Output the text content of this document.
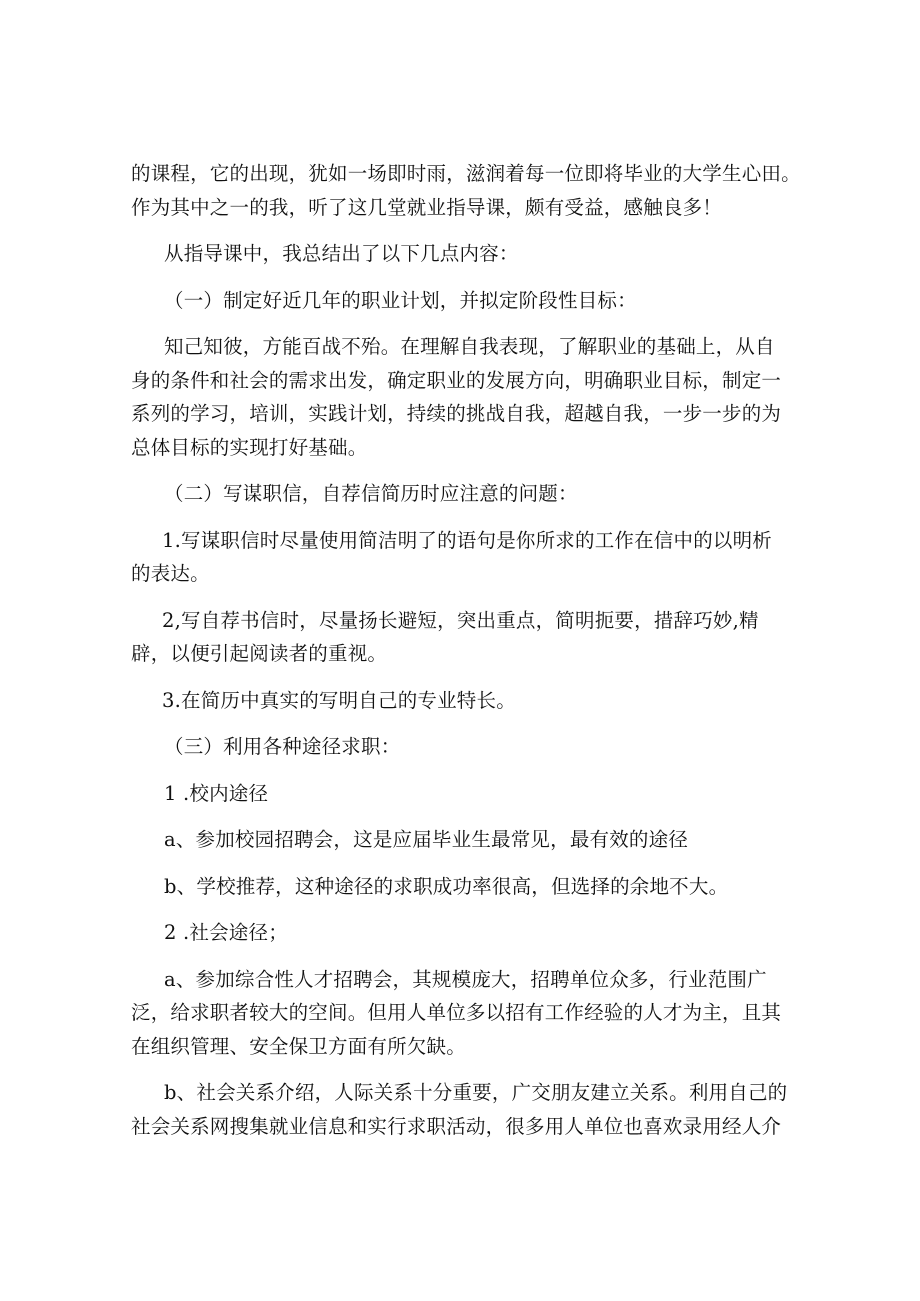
的课程，它的出现，犹如一场即时雨，滋润着每一位即将毕业的大学生心田。
作为其中之一的我，听了这几堂就业指导课，颇有受益，感触良多！

从指导课中，我总结出了以下几点内容：

（一）制定好近几年的职业计划，并拟定阶段性目标：

知己知彼，方能百战不殆。在理解自我表现，了解职业的基础上，从自
身的条件和社会的需求出发，确定职业的发展方向，明确职业目标，制定一
系列的学习，培训，实践计划，持续的挑战自我，超越自我，一步一步的为
总体目标的实现打好基础。

（二）写谋职信，自荐信简历时应注意的问题：

1.写谋职信时尽量使用简洁明了的语句是你所求的工作在信中的以明析
的表达。

2,写自荐书信时，尽量扬长避短，突出重点，简明扼要，措辞巧妙,精
辟，以便引起阅读者的重视。

3.在简历中真实的写明自己的专业特长。

（三）利用各种途径求职：

1 .校内途径

a、参加校园招聘会，这是应届毕业生最常见，最有效的途径

b、学校推荐，这种途径的求职成功率很高，但选择的余地不大。

2 .社会途径；

a、参加综合性人才招聘会，其规模庞大，招聘单位众多，行业范围广
泛，给求职者较大的空间。但用人单位多以招有工作经验的人才为主，且其
在组织管理、安全保卫方面有所欠缺。

b、社会关系介绍，人际关系十分重要，广交朋友建立关系。利用自己的
社会关系网搜集就业信息和实行求职活动，很多用人单位也喜欢录用经人介
